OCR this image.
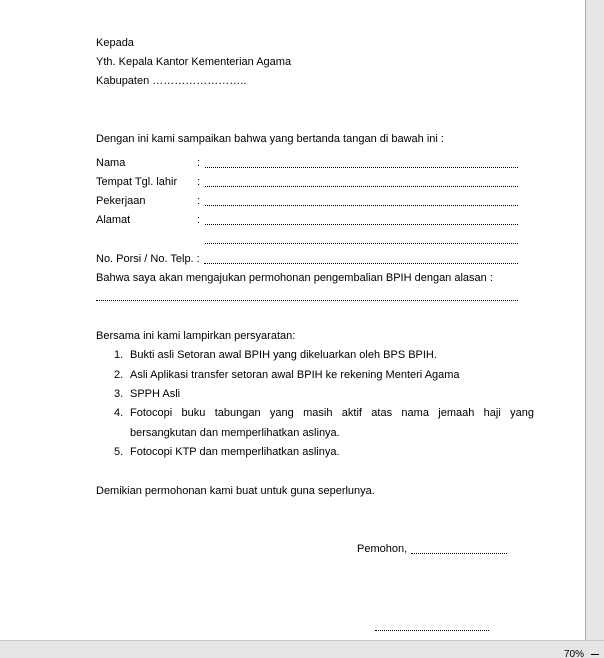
Kepada
Yth. Kepala Kantor Kementerian Agama
Kabupaten ……………………..
Dengan ini kami sampaikan bahwa yang bertanda tangan di bawah ini :
Nama	:
Tempat Tgl. lahir :
Pekerjaan	:
Alamat	:
No. Porsi / No. Telp. :
Bahwa saya akan mengajukan permohonan pengembalian BPIH dengan alasan :
Bersama ini kami lampirkan persyaratan:
1. Bukti asli Setoran awal BPIH yang dikeluarkan oleh BPS BPIH.
2. Asli Aplikasi transfer setoran awal BPIH ke rekening Menteri Agama
3. SPPH Asli
4. Fotocopi buku tabungan yang masih aktif atas nama jemaah haji yang
bersangkutan dan memperlihatkan aslinya.
5. Fotocopi KTP dan memperlihatkan aslinya.
Demikian permohonan kami buat untuk guna seperlunya.
Pemohon,
70%
